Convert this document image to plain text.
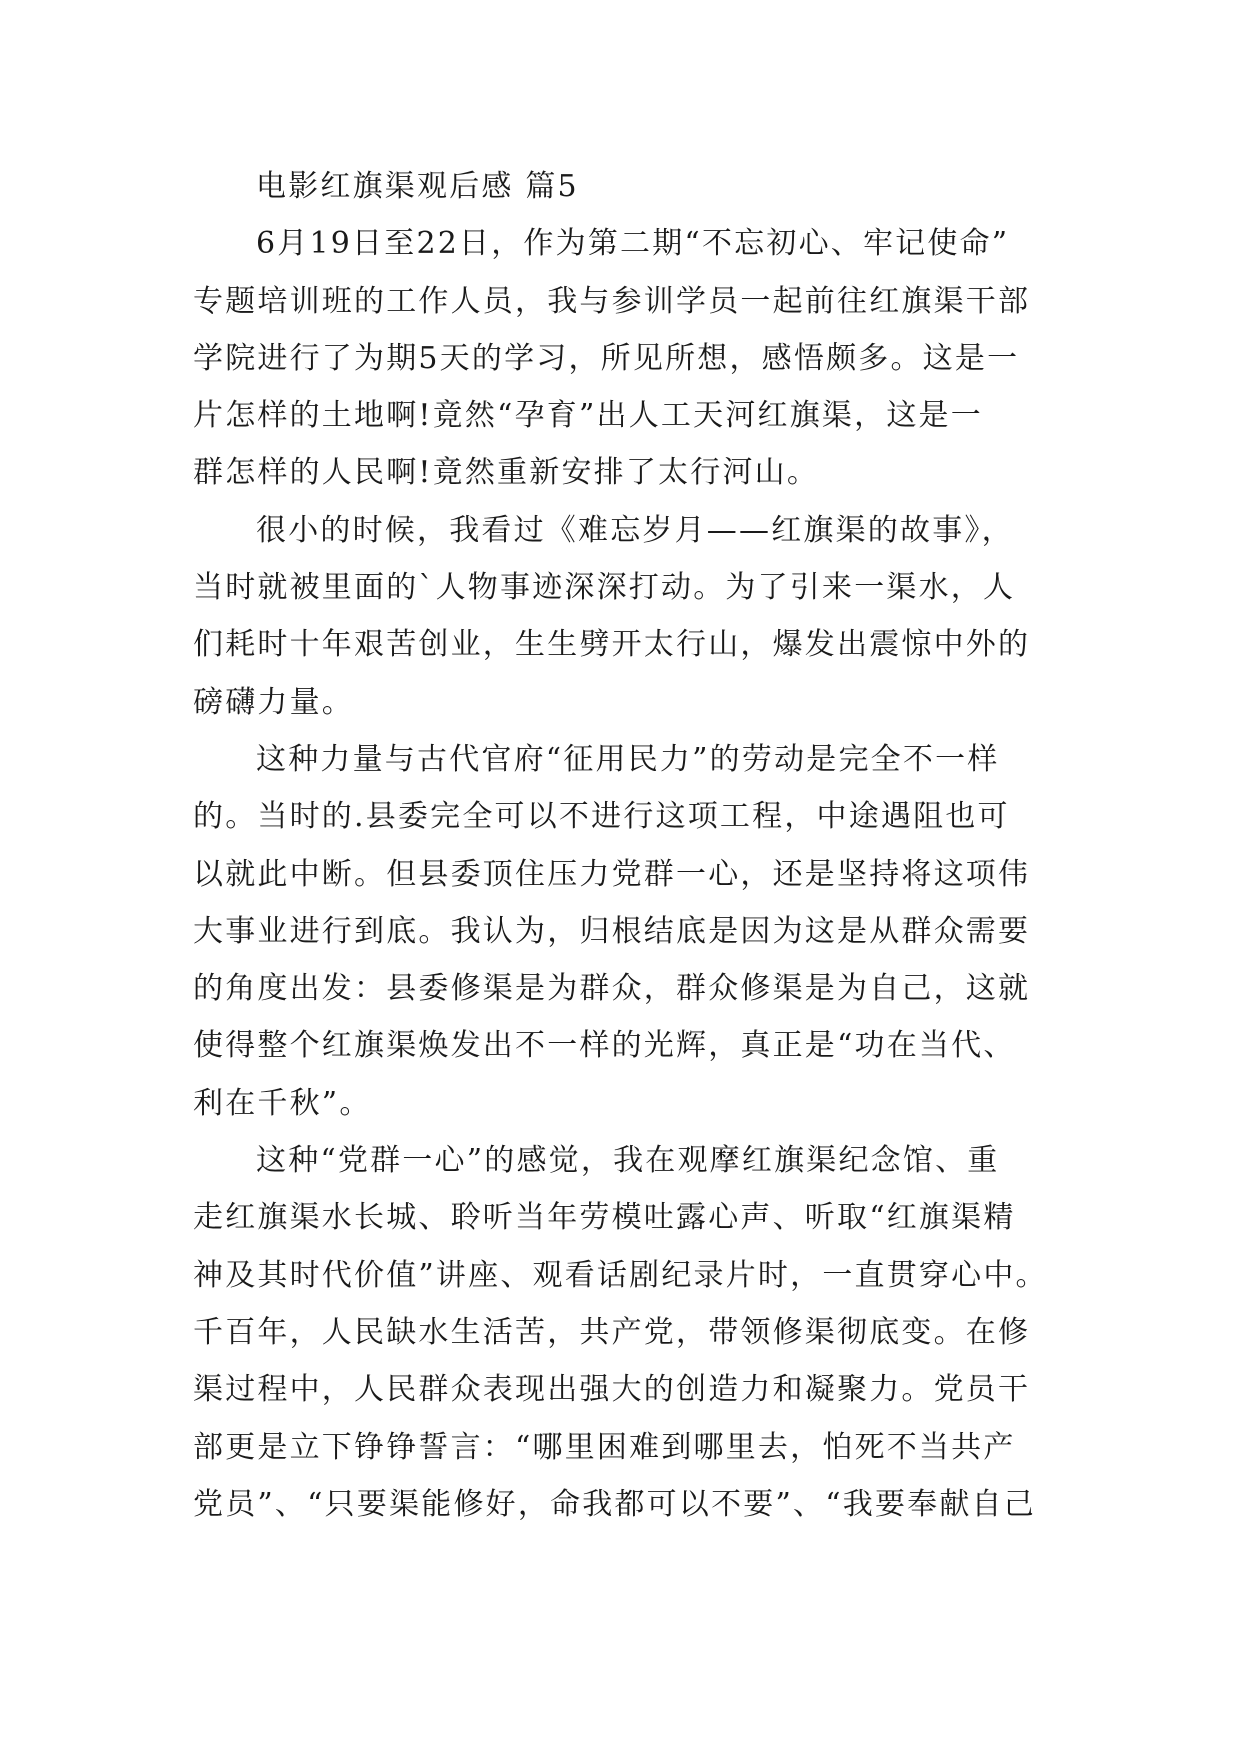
电影红旗渠观后感 篇5
6月19日至22日，作为第二期“不忘初心、牢记使命”
专题培训班的工作人员，我与参训学员一起前往红旗渠干部
学院进行了为期5天的学习，所见所想，感悟颇多。这是一
片怎样的土地啊!竟然“孕育”出人工天河红旗渠，这是一
群怎样的人民啊!竟然重新安排了太行河山。
很小的时候，我看过《难忘岁月——红旗渠的故事》，
当时就被里面的`人物事迹深深打动。为了引来一渠水，人
们耗时十年艰苦创业，生生劈开太行山，爆发出震惊中外的
磅礴力量。
这种力量与古代官府“征用民力”的劳动是完全不一样
的。当时的.县委完全可以不进行这项工程，中途遇阻也可
以就此中断。但县委顶住压力党群一心，还是坚持将这项伟
大事业进行到底。我认为，归根结底是因为这是从群众需要
的角度出发：县委修渠是为群众，群众修渠是为自己，这就
使得整个红旗渠焕发出不一样的光辉，真正是“功在当代、
利在千秋”。
这种“党群一心”的感觉，我在观摩红旗渠纪念馆、重
走红旗渠水长城、聆听当年劳模吐露心声、听取“红旗渠精
神及其时代价值”讲座、观看话剧纪录片时，一直贯穿心中。
千百年，人民缺水生活苦，共产党，带领修渠彻底变。在修
渠过程中，人民群众表现出强大的创造力和凝聚力。党员干
部更是立下铮铮誓言：“哪里困难到哪里去，怕死不当共产
党员”、“只要渠能修好，命我都可以不要”、“我要奉献自己
